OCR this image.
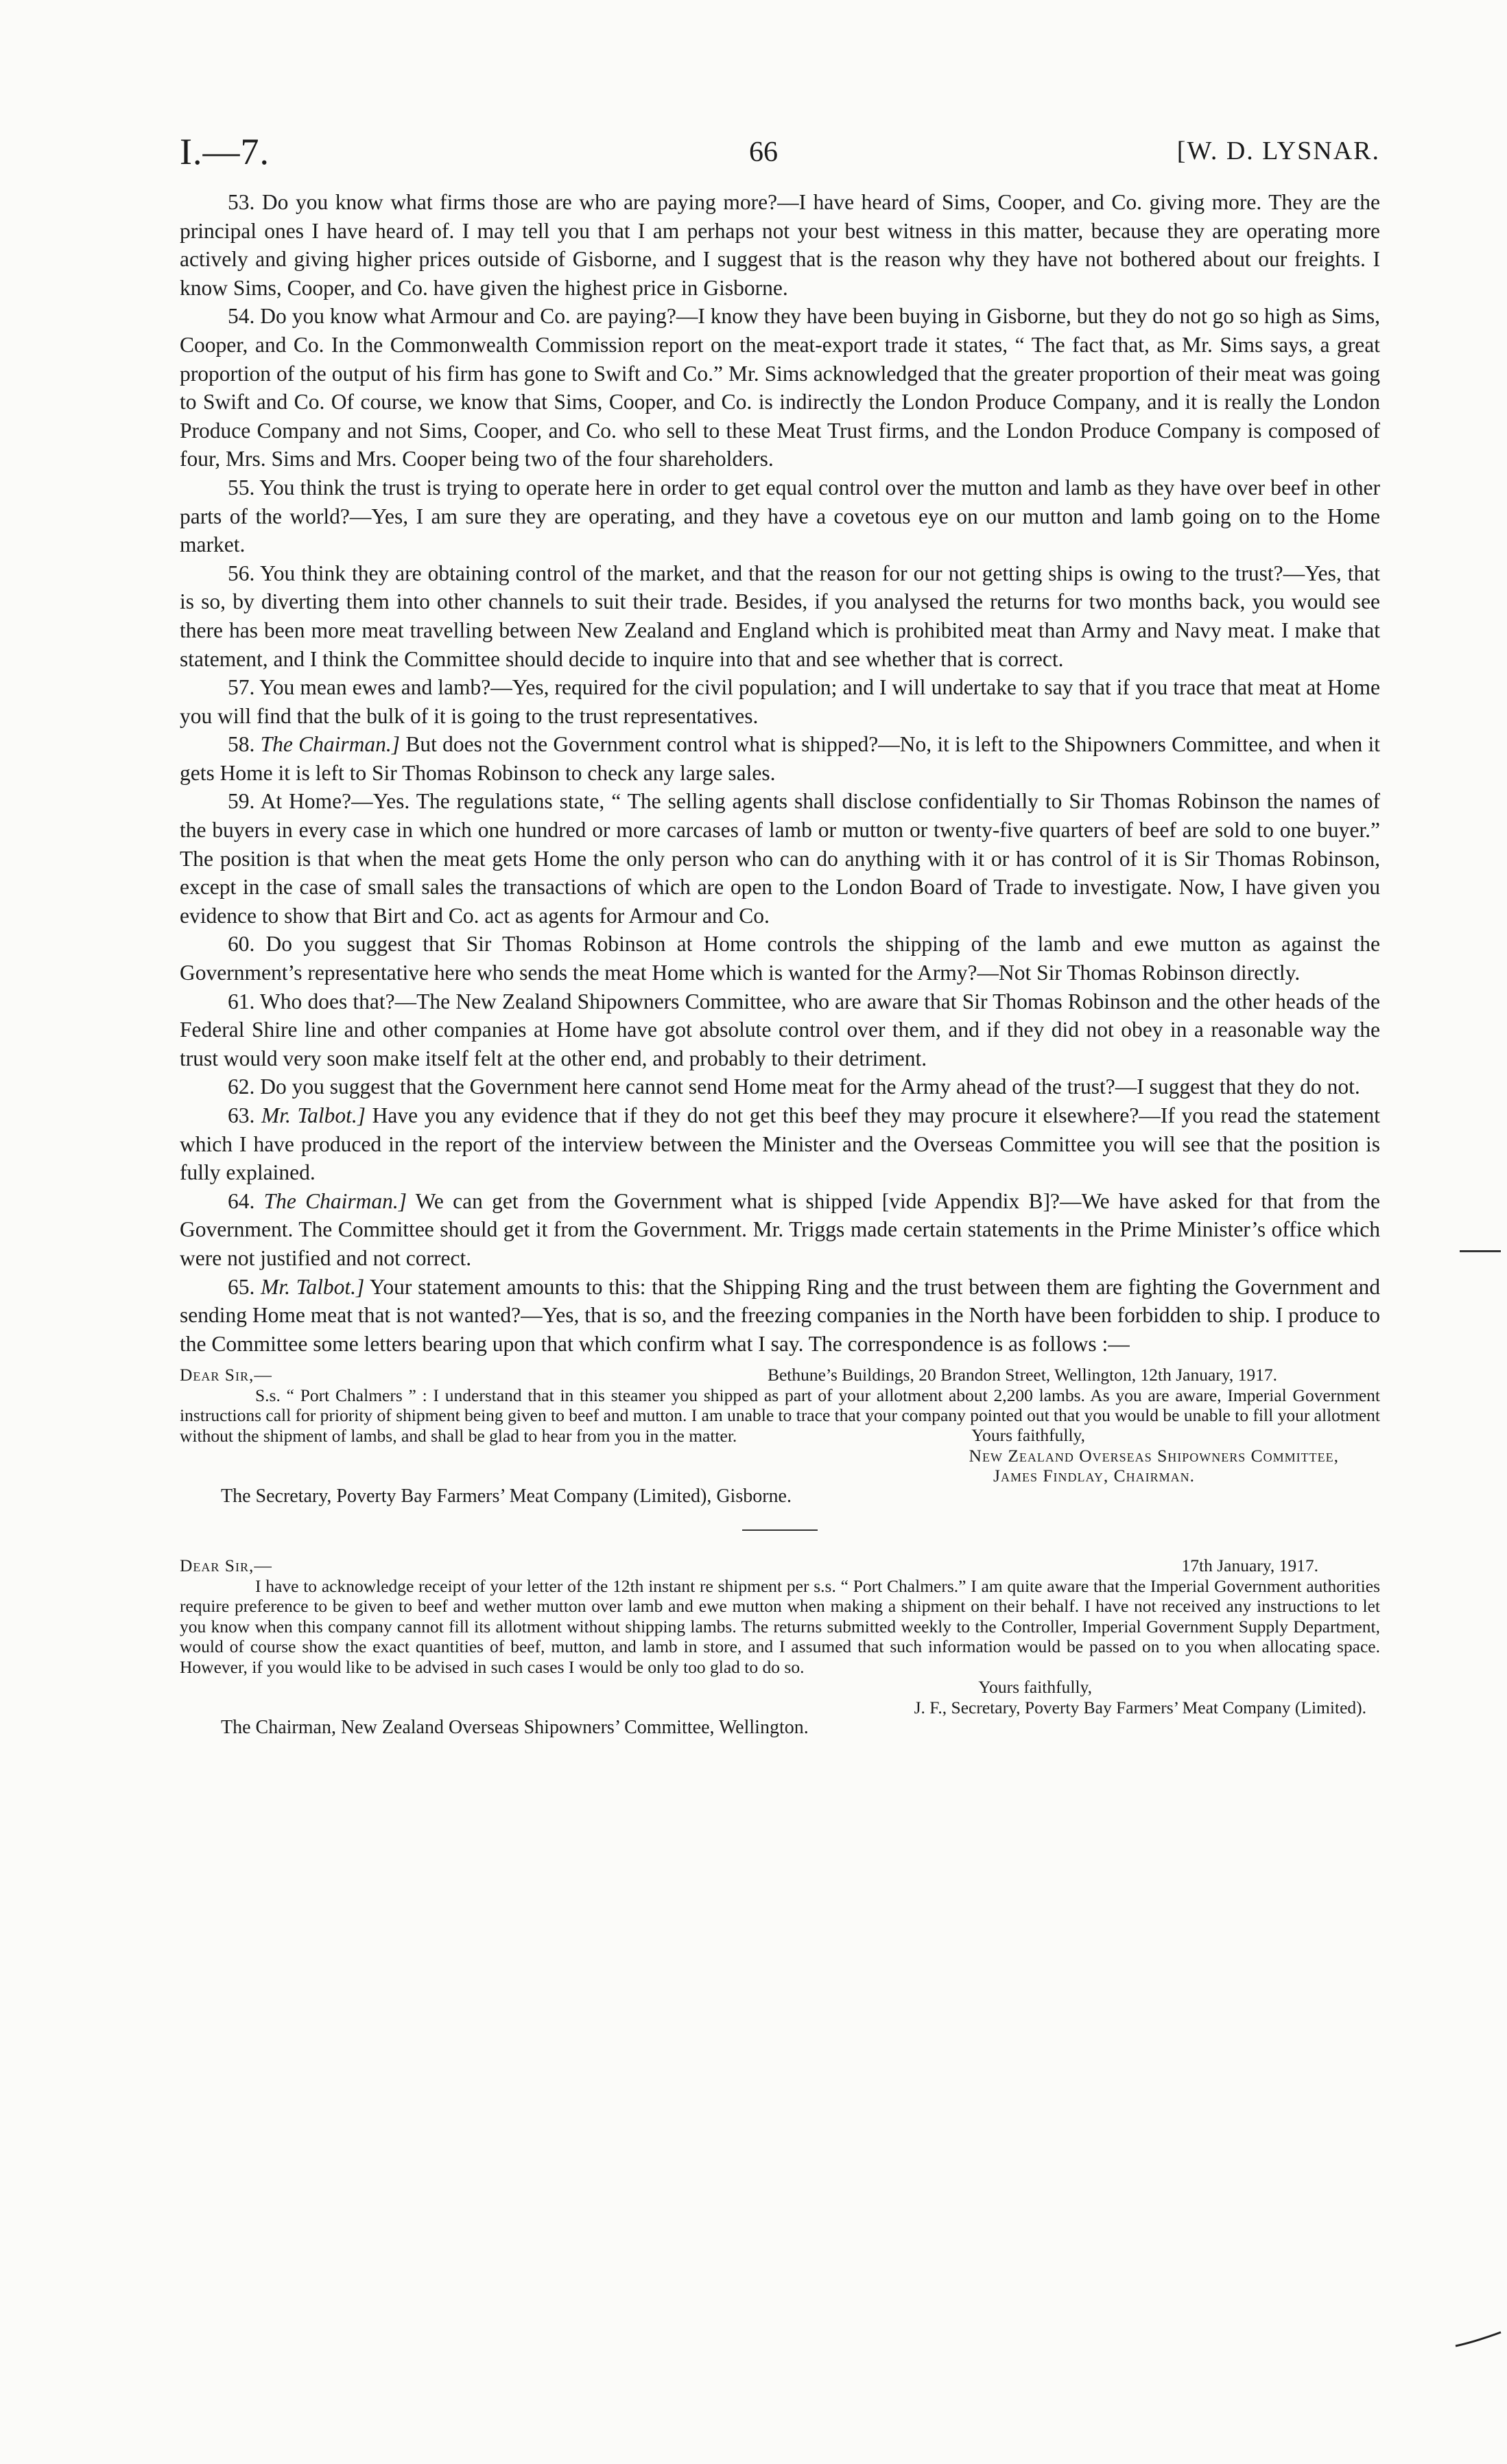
I.—7.	66	[W. D. LYSNAR.

53. Do you know what firms those are who are paying more?—I have heard of Sims, Cooper, and Co. giving more. They are the principal ones I have heard of. I may tell you that I am perhaps not your best witness in this matter, because they are operating more actively and giving higher prices outside of Gisborne, and I suggest that is the reason why they have not bothered about our freights. I know Sims, Cooper, and Co. have given the highest price in Gisborne.

54. Do you know what Armour and Co. are paying?—I know they have been buying in Gisborne, but they do not go so high as Sims, Cooper, and Co. In the Commonwealth Commission report on the meat-export trade it states, “ The fact that, as Mr. Sims says, a great proportion of the output of his firm has gone to Swift and Co.” Mr. Sims acknowledged that the greater proportion of their meat was going to Swift and Co. Of course, we know that Sims, Cooper, and Co. is indirectly the London Produce Company, and it is really the London Produce Company and not Sims, Cooper, and Co. who sell to these Meat Trust firms, and the London Produce Company is composed of four, Mrs. Sims and Mrs. Cooper being two of the four shareholders.

55. You think the trust is trying to operate here in order to get equal control over the mutton and lamb as they have over beef in other parts of the world?—Yes, I am sure they are operating, and they have a covetous eye on our mutton and lamb going on to the Home market.

56. You think they are obtaining control of the market, and that the reason for our not getting ships is owing to the trust?—Yes, that is so, by diverting them into other channels to suit their trade. Besides, if you analysed the returns for two months back, you would see there has been more meat travelling between New Zealand and England which is prohibited meat than Army and Navy meat. I make that statement, and I think the Committee should decide to inquire into that and see whether that is correct.

57. You mean ewes and lamb?—Yes, required for the civil population; and I will undertake to say that if you trace that meat at Home you will find that the bulk of it is going to the trust representatives.

58. The Chairman.] But does not the Government control what is shipped?—No, it is left to the Shipowners Committee, and when it gets Home it is left to Sir Thomas Robinson to check any large sales.

59. At Home?—Yes. The regulations state, “ The selling agents shall disclose confidentially to Sir Thomas Robinson the names of the buyers in every case in which one hundred or more carcases of lamb or mutton or twenty-five quarters of beef are sold to one buyer.” The position is that when the meat gets Home the only person who can do anything with it or has control of it is Sir Thomas Robinson, except in the case of small sales the transactions of which are open to the London Board of Trade to investigate. Now, I have given you evidence to show that Birt and Co. act as agents for Armour and Co.

60. Do you suggest that Sir Thomas Robinson at Home controls the shipping of the lamb and ewe mutton as against the Government’s representative here who sends the meat Home which is wanted for the Army?—Not Sir Thomas Robinson directly.

61. Who does that?—The New Zealand Shipowners Committee, who are aware that Sir Thomas Robinson and the other heads of the Federal Shire line and other companies at Home have got absolute control over them, and if they did not obey in a reasonable way the trust would very soon make itself felt at the other end, and probably to their detriment.

62. Do you suggest that the Government here cannot send Home meat for the Army ahead of the trust?—I suggest that they do not.

63. Mr. Talbot.] Have you any evidence that if they do not get this beef they may procure it elsewhere?—If you read the statement which I have produced in the report of the interview between the Minister and the Overseas Committee you will see that the position is fully explained.

64. The Chairman.] We can get from the Government what is shipped [vide Appendix B]?—We have asked for that from the Government. The Committee should get it from the Government. Mr. Triggs made certain statements in the Prime Minister’s office which were not justified and not correct.

65. Mr. Talbot.] Your statement amounts to this: that the Shipping Ring and the trust between them are fighting the Government and sending Home meat that is not wanted?—Yes, that is so, and the freezing companies in the North have been forbidden to ship. I produce to the Committee some letters bearing upon that which confirm what I say. The correspondence is as follows :—

Dear Sir,—	Bethune’s Buildings, 20 Brandon Street, Wellington, 12th January, 1917.

S.s. “ Port Chalmers ” : I understand that in this steamer you shipped as part of your allotment about 2,200 lambs. As you are aware, Imperial Government instructions call for priority of shipment being given to beef and mutton. I am unable to trace that your company pointed out that you would be unable to fill your allotment without the shipment of lambs, and shall be glad to hear from you in the matter.	Yours faithfully,

New Zealand Overseas Shipowners Committee,

James Findlay, Chairman.

The Secretary, Poverty Bay Farmers’ Meat Company (Limited), Gisborne.

Dear Sir,—	17th January, 1917.

I have to acknowledge receipt of your letter of the 12th instant re shipment per s.s. “ Port Chalmers.” I am quite aware that the Imperial Government authorities require preference to be given to beef and wether mutton over lamb and ewe mutton when making a shipment on their behalf. I have not received any instructions to let you know when this company cannot fill its allotment without shipping lambs. The returns submitted weekly to the Controller, Imperial Government Supply Department, would of course show the exact quantities of beef, mutton, and lamb in store, and I assumed that such information would be passed on to you when allocating space. However, if you would like to be advised in such cases I would be only too glad to do so.

Yours faithfully,

J. F., Secretary, Poverty Bay Farmers’ Meat Company (Limited).

The Chairman, New Zealand Overseas Shipowners’ Committee, Wellington.
